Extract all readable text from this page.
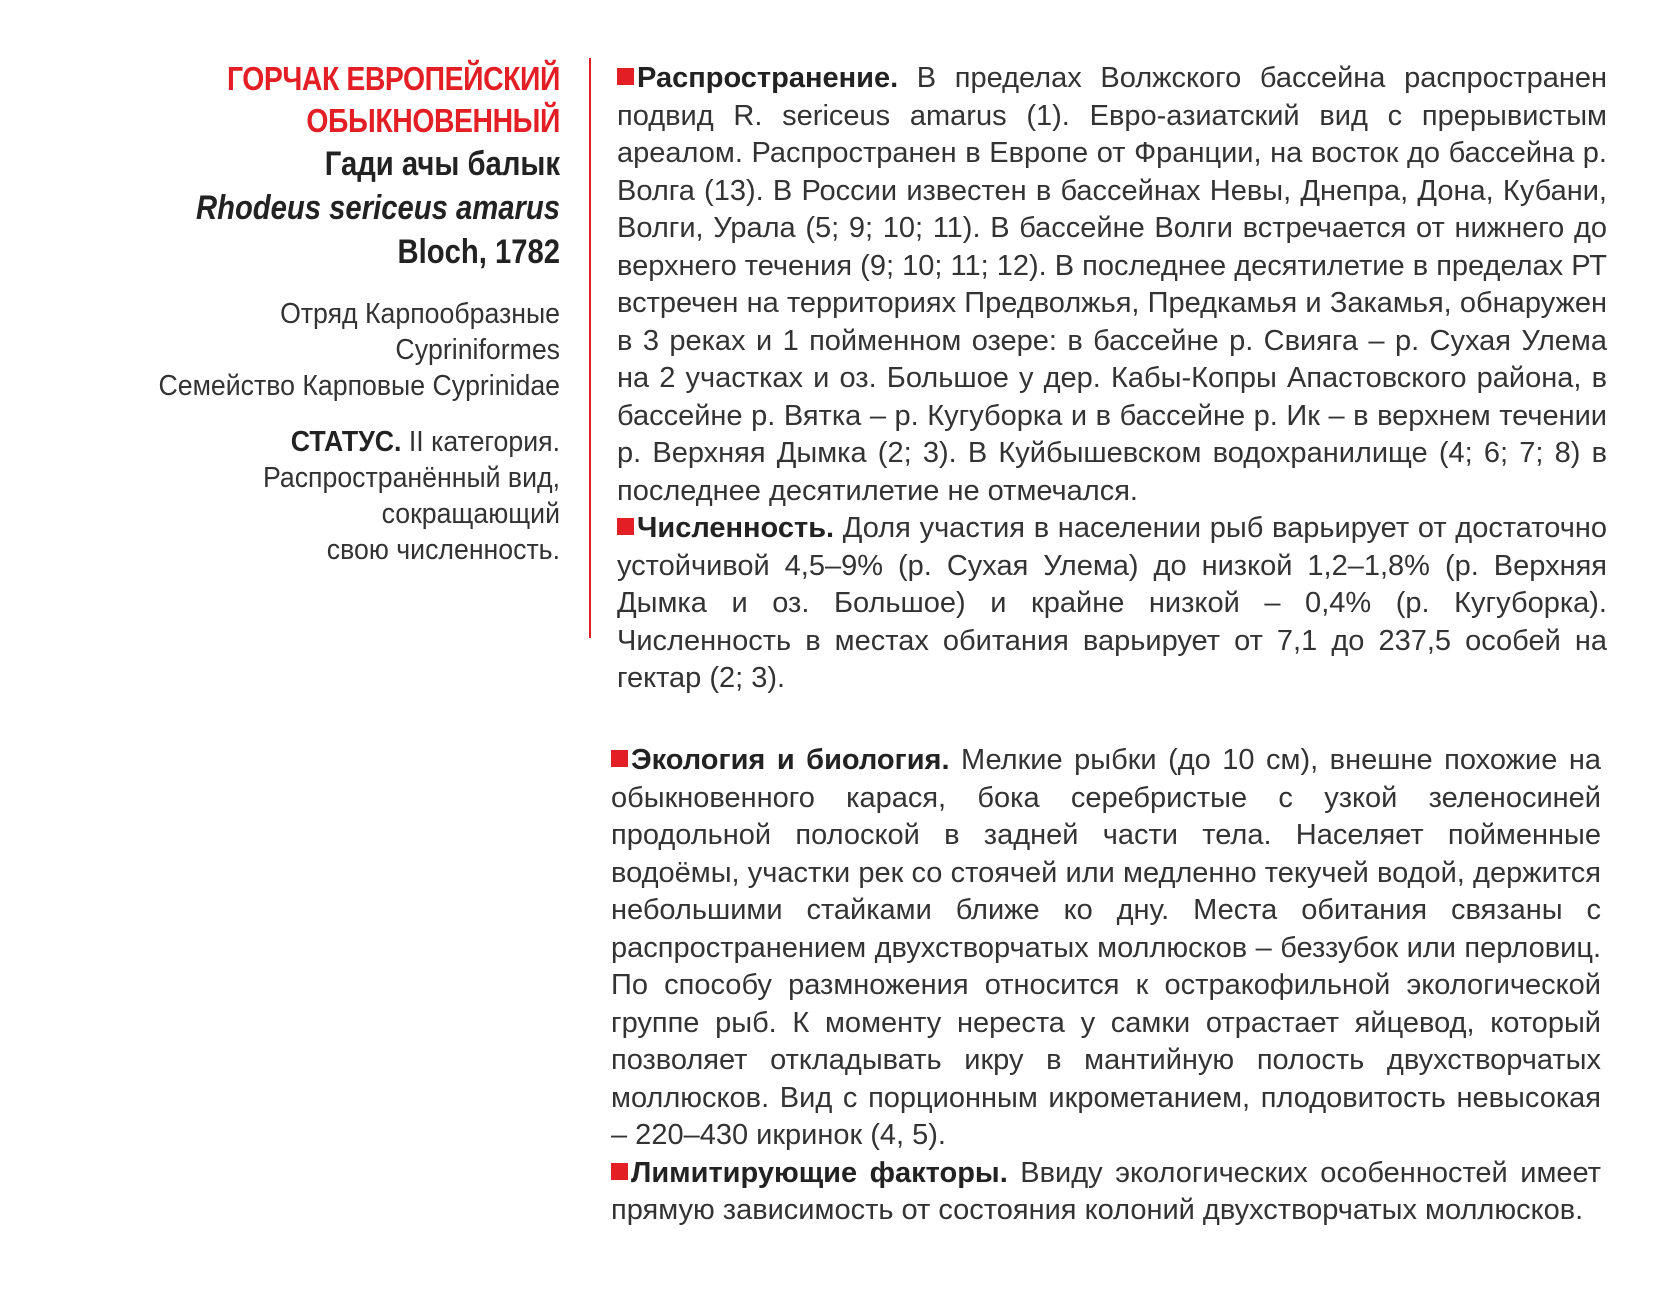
ГОРЧАК ЕВРОПЕЙСКИЙ
ОБЫКНОВЕННЫЙ
Гади ачы балык
Rhodeus sericeus amarus
Bloch, 1782
Отряд Карпообразные
Cypriniformes
Семейство Карповые Cyprinidae
СТАТУС. II категория.
Распространённый вид,
сокращающий
свою численность.

Распространение. В пределах Волжского бассейна распространен подвид R. sericeus amarus (1). Евро-азиатский вид с прерывистым ареалом. Распространен в Европе от Франции, на восток до бассейна р. Волга (13). В России известен в бассейнах Невы, Днепра, Дона, Кубани, Волги, Урала (5; 9; 10; 11). В бассейне Волги встречается от нижнего до верхнего течения (9; 10; 11; 12). В последнее десятилетие в пределах РТ встречен на территориях Предволжья, Предкамья и Закамья, обнаружен в 3 реках и 1 пойменном озере: в бассейне р. Свияга – р. Сухая Улема на 2 участках и оз. Большое у дер. Кабы-Копры Апастовского района, в бассейне р. Вятка – р. Кугуборка и в бассейне р. Ик – в верхнем течении р. Верхняя Дымка (2; 3). В Куйбышевском водохранилище (4; 6; 7; 8) в последнее десятилетие не отмечался.

Численность. Доля участия в населении рыб варьирует от достаточно устойчивой 4,5–9% (р. Сухая Улема) до низкой 1,2–1,8% (р. Верхняя Дымка и оз. Большое) и крайне низкой – 0,4% (р. Кугуборка). Численность в местах обитания варьирует от 7,1 до 237,5 особей на гектар (2; 3).

Экология и биология. Мелкие рыбки (до 10 см), внешне похожие на обыкновенного карася, бока серебристые с узкой зеленосиней продольной полоской в задней части тела. Населяет пойменные водоёмы, участки рек со стоячей или медленно текучей водой, держится небольшими стайками ближе ко дну. Места обитания связаны с распространением двухстворчатых моллюсков – беззубок или перловиц. По способу размножения относится к остракофильной экологической группе рыб. К моменту нереста у самки отрастает яйцевод, который позволяет откладывать икру в мантийную полость двухстворчатых моллюсков. Вид с порционным икрометанием, плодовитость невысокая – 220–430 икринок (4, 5).

Лимитирующие факторы. Ввиду экологических особенностей имеет прямую зависимость от состояния колоний двухстворчатых моллюсков.
